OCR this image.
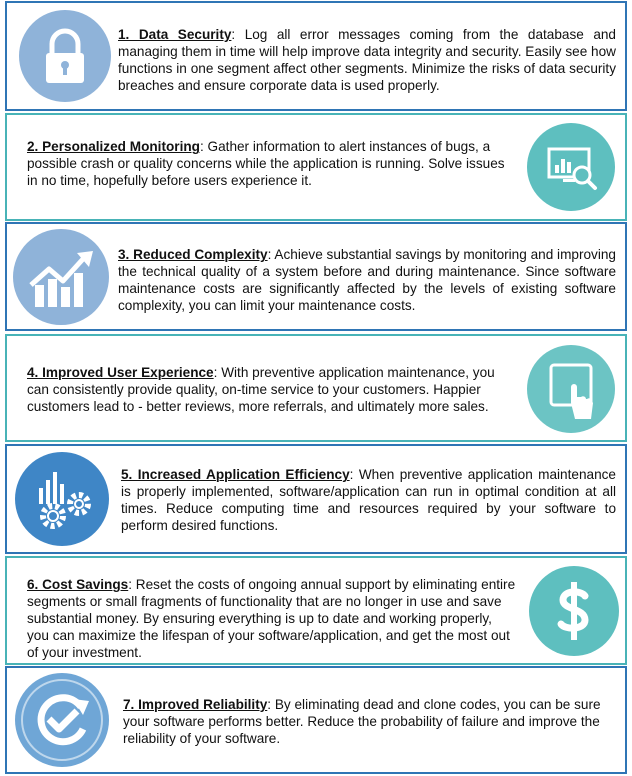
1. Data Security: Log all error messages coming from the database and managing them in time will help improve data integrity and security. Easily see how functions in one segment affect other segments. Minimize the risks of data security breaches and ensure corporate data is used properly.
2. Personalized Monitoring: Gather information to alert instances of bugs, a possible crash or quality concerns while the application is running. Solve issues in no time, hopefully before users experience it.
3. Reduced Complexity: Achieve substantial savings by monitoring and improving the technical quality of a system before and during maintenance. Since software maintenance costs are significantly affected by the levels of existing software complexity, you can limit your maintenance costs.
4. Improved User Experience: With preventive application maintenance, you can consistently provide quality, on-time service to your customers. Happier customers lead to - better reviews, more referrals, and ultimately more sales.
5. Increased Application Efficiency: When preventive application maintenance is properly implemented, software/application can run in optimal condition at all times. Reduce computing time and resources required by your software to perform desired functions.
6. Cost Savings: Reset the costs of ongoing annual support by eliminating entire segments or small fragments of functionality that are no longer in use and save substantial money. By ensuring everything is up to date and working properly, you can maximize the lifespan of your software/application, and get the most out of your investment.
7. Improved Reliability: By eliminating dead and clone codes, you can be sure your software performs better. Reduce the probability of failure and improve the reliability of your software.
